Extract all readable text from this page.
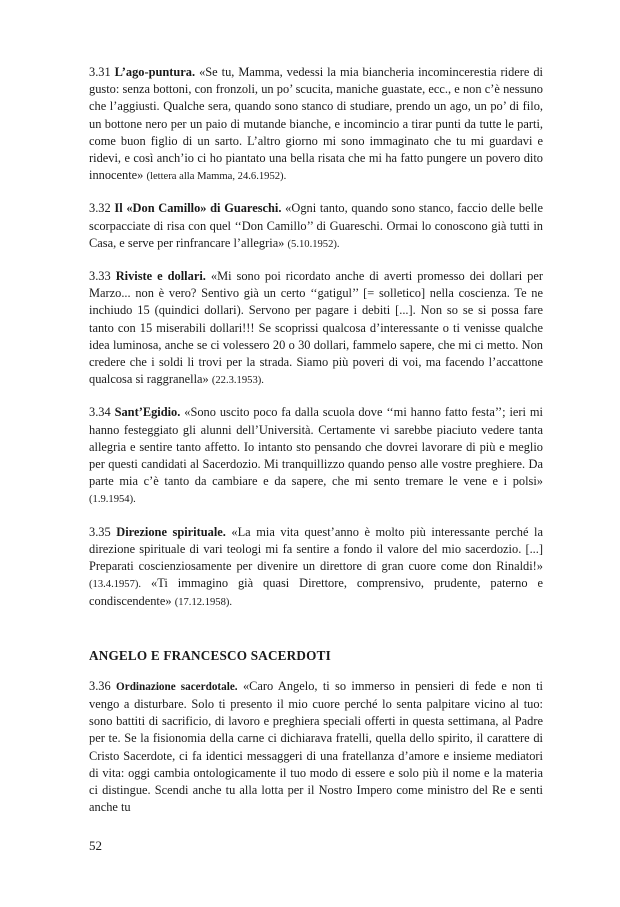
3.31 L’ago-puntura. «Se tu, Mamma, vedessi la mia biancheria incomincerestia ridere di gusto: senza bottoni, con fronzoli, un po’ scucita, maniche guastate, ecc., e non c’è nessuno che l’aggiusti. Qualche sera, quando sono stanco di studiare, prendo un ago, un po’ di filo, un bottone nero per un paio di mutande bianche, e incomincio a tirar punti da tutte le parti, come buon figlio di un sarto. L’altro giorno mi sono immaginato che tu mi guardavi e ridevi, e così anch’io ci ho piantato una bella risata che mi ha fatto pungere un povero dito innocente» (lettera alla Mamma, 24.6.1952).

3.32 Il «Don Camillo» di Guareschi. «Ogni tanto, quando sono stanco, faccio delle belle scorpacciate di risa con quel ‘‘Don Camillo’’ di Guareschi. Ormai lo conoscono già tutti in Casa, e serve per rinfrancare l’allegria» (5.10.1952).

3.33 Riviste e dollari. «Mi sono poi ricordato anche di averti promesso dei dollari per Marzo... non è vero? Sentivo già un certo ‘‘gatigul’’ [= solletico] nella coscienza. Te ne inchiudo 15 (quindici dollari). Servono per pagare i debiti [...]. Non so se si possa fare tanto con 15 miserabili dollari!!! Se scoprissi qualcosa d’interessante o ti venisse qualche idea luminosa, anche se ci volessero 20 o 30 dollari, fammelo sapere, che mi ci metto. Non credere che i soldi li trovi per la strada. Siamo più poveri di voi, ma facendo l’accattone qualcosa si raggranella» (22.3.1953).

3.34 Sant’Egidio. «Sono uscito poco fa dalla scuola dove ‘‘mi hanno fatto festa’’; ieri mi hanno festeggiato gli alunni dell’Università. Certamente vi sarebbe piaciuto vedere tanta allegria e sentire tanto affetto. Io intanto sto pensando che dovrei lavorare di più e meglio per questi candidati al Sacerdozio. Mi tranquillizzo quando penso alle vostre preghiere. Da parte mia c’è tanto da cambiare e da sapere, che mi sento tremare le vene e i polsi» (1.9.1954).

3.35 Direzione spirituale. «La mia vita quest’anno è molto più interessante perché la direzione spirituale di vari teologi mi fa sentire a fondo il valore del mio sacerdozio. [...] Preparati coscienziosamente per divenire un direttore di gran cuore come don Rinaldi!» (13.4.1957). «Ti immagino già quasi Direttore, comprensivo, prudente, paterno e condiscendente» (17.12.1958).

ANGELO E FRANCESCO SACERDOTI

3.36 Ordinazione sacerdotale. «Caro Angelo, ti so immerso in pensieri di fede e non ti vengo a disturbare. Solo ti presento il mio cuore perché lo senta palpitare vicino al tuo: sono battiti di sacrificio, di lavoro e preghiera speciali offerti in questa settimana, al Padre per te. Se la fisionomia della carne ci dichiarava fratelli, quella dello spirito, il carattere di Cristo Sacerdote, ci fa identici messaggeri di una fratellanza d’amore e insieme mediatori di vita: oggi cambia ontologicamente il tuo modo di essere e solo più il nome e la materia ci distingue. Scendi anche tu alla lotta per il Nostro Impero come ministro del Re e senti anche tu

52
